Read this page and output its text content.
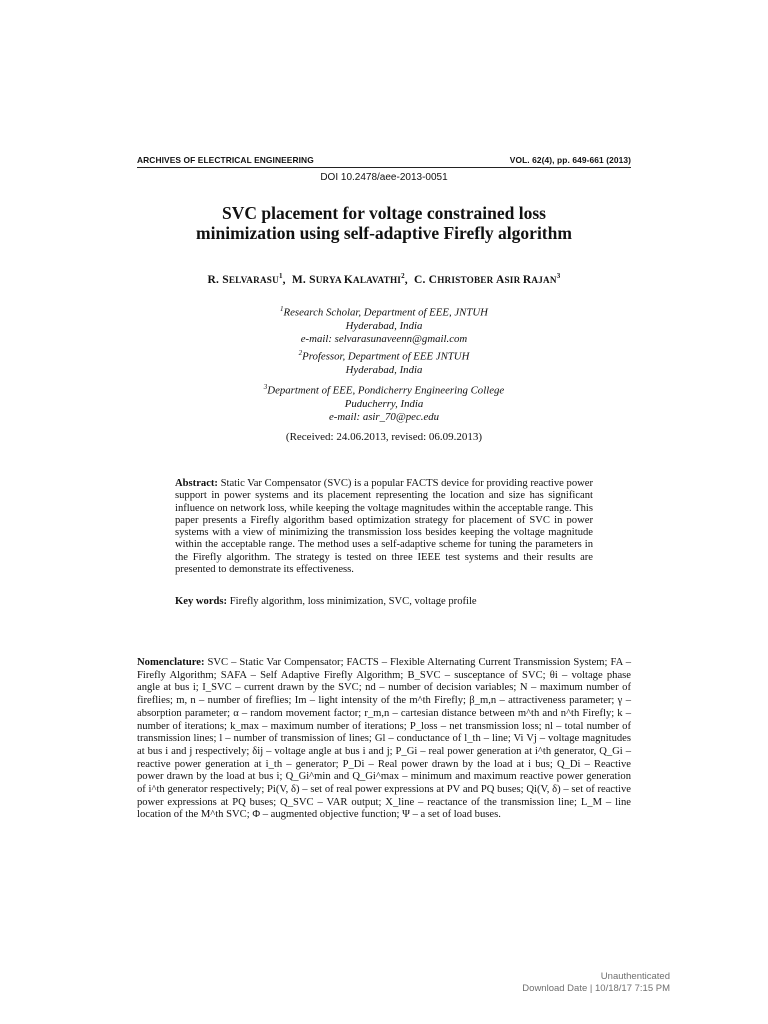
ARCHIVES OF ELECTRICAL ENGINEERING	VOL. 62(4), pp. 649-661 (2013)
DOI 10.2478/aee-2013-0051
SVC placement for voltage constrained loss
minimization using self-adaptive Firefly algorithm
R. SELVARASU$^1$,  M. SURYA KALAVATHI$^2$,  C. CHRISTOBER ASIR RAJAN$^3$
$^1$Research Scholar, Department of EEE, JNTUH
Hyderabad, India
e-mail: selvarasunaveenn@gmail.com
$^2$Professor, Department of EEE JNTUH
Hyderabad, India
$^3$Department of EEE, Pondicherry Engineering College
Puducherry, India
e-mail: asir_70@pec.edu
(Received: 24.06.2013, revised: 06.09.2013)
Abstract: Static Var Compensator (SVC) is a popular FACTS device for providing reactive power support in power systems and its placement representing the location and size has significant influence on network loss, while keeping the voltage magnitudes within the acceptable range. This paper presents a Firefly algorithm based optimization strategy for placement of SVC in power systems with a view of minimizing the transmission loss besides keeping the voltage magnitude within the acceptable range. The method uses a self-adaptive scheme for tuning the parameters in the Firefly algorithm. The strategy is tested on three IEEE test systems and their results are presented to demonstrate its effectiveness.
Key words: Firefly algorithm, loss minimization, SVC, voltage profile
Nomenclature: SVC – Static Var Compensator; FACTS – Flexible Alternating Current Transmission System; FA – Firefly Algorithm; SAFA – Self Adaptive Firefly Algorithm; B_SVC – susceptance of SVC; θi – voltage phase angle at bus i; I_SVC – current drawn by the SVC; nd – number of decision variables; N – maximum number of fireflies; m, n – number of fireflies; Im – light intensity of the m^th Firefly; β_m,n – attractiveness parameter; γ – absorption parameter; α – random movement factor; r_m,n – cartesian distance between m^th and n^th Firefly; k – number of iterations; k_max – maximum number of iterations; P_loss – net transmission loss; nl – total number of transmission lines; l – number of transmission of lines; Gl – conductance of l_th – line; Vi Vj – voltage magnitudes at bus i and j respectively; δij – voltage angle at bus i and j; P_Gi – real power generation at i^th generator, Q_Gi – reactive power generation at i_th – generator; P_Di – Real power drawn by the load at i bus; Q_Di – Reactive power drawn by the load at bus i; Q_Gi^min and Q_Gi^max – minimum and maximum reactive power generation of i^th generator respectively; Pi(V, δ) – set of real power expressions at PV and PQ buses; Qi(V, δ) – set of reactive power expressions at PQ buses; Q_SVC – VAR output; X_line – reactance of the transmission line; L_M – line location of the M^th SVC; Φ – augmented objective function; Ψ – a set of load buses.
Unauthenticated
Download Date | 10/18/17 7:15 PM
